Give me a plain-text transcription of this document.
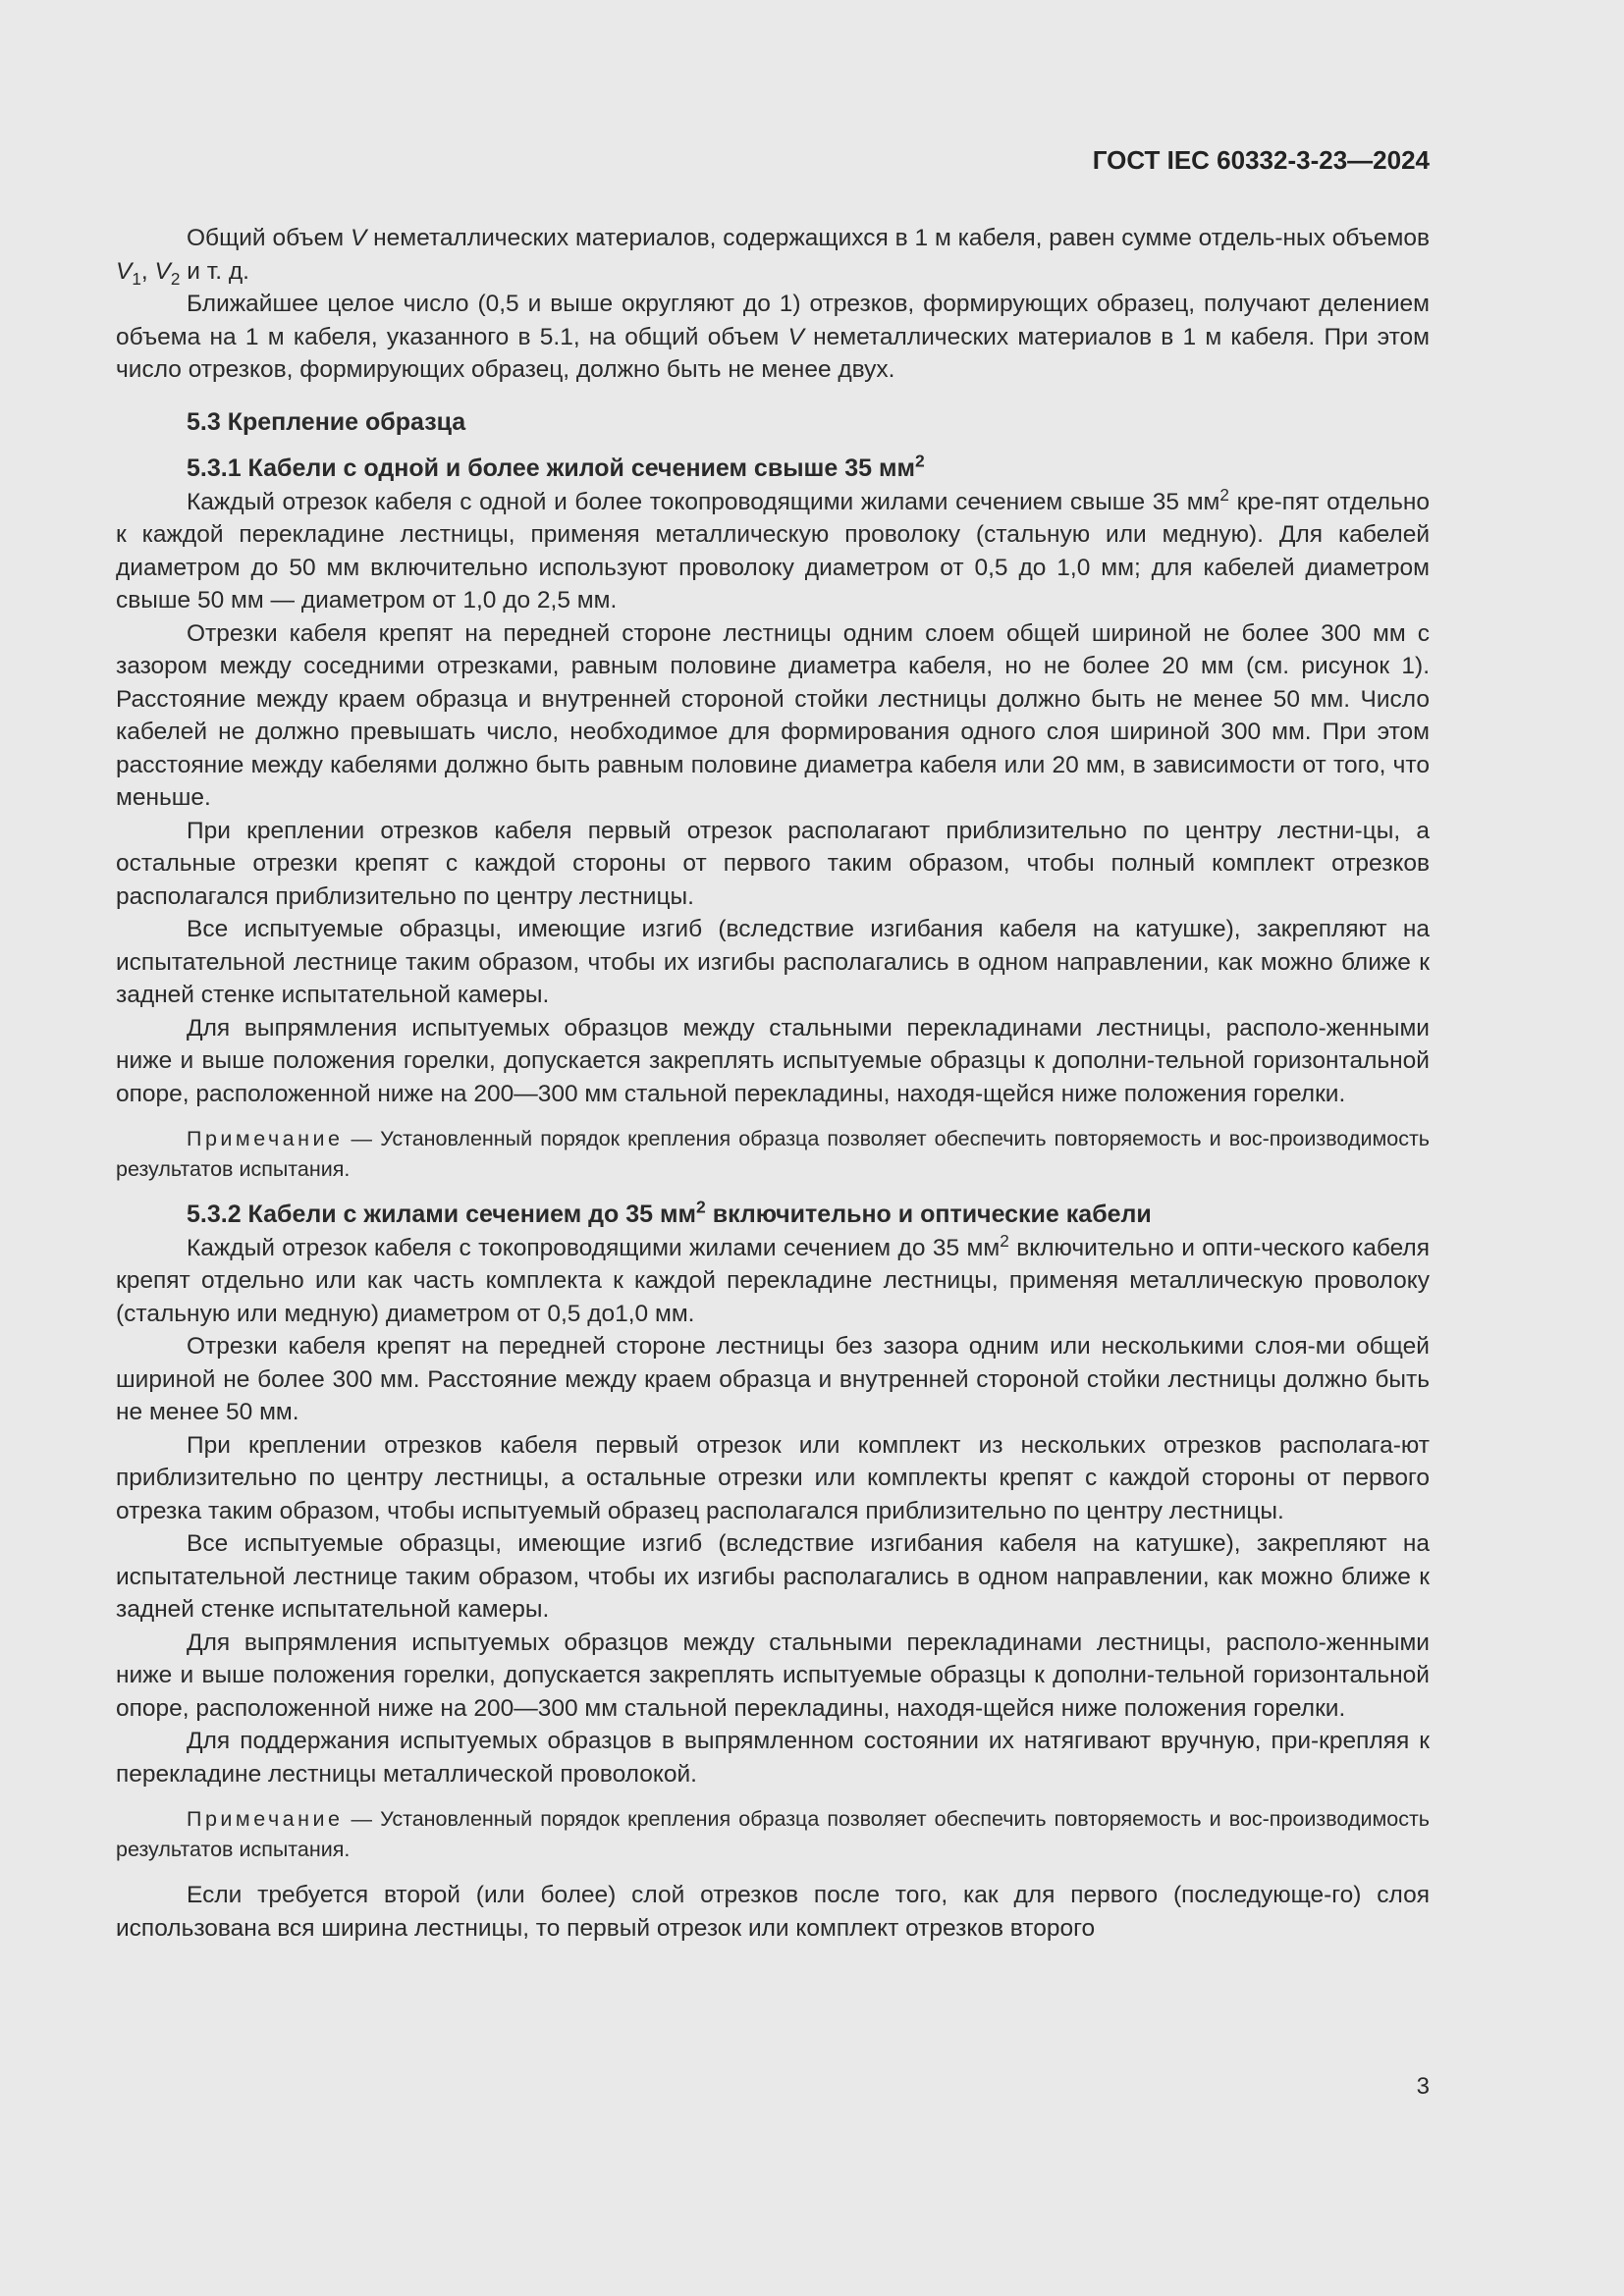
ГОСТ IEC 60332-3-23—2024

Общий объем V неметаллических материалов, содержащихся в 1 м кабеля, равен сумме отдель-ных объемов $V_1$, $V_2$ и т. д.

Ближайшее целое число (0,5 и выше округляют до 1) отрезков, формирующих образец, получают делением объема на 1 м кабеля, указанного в 5.1, на общий объем V неметаллических материалов в 1 м кабеля. При этом число отрезков, формирующих образец, должно быть не менее двух.

5.3 Крепление образца

5.3.1 Кабели с одной и более жилой сечением свыше 35 $мм^2$

Каждый отрезок кабеля с одной и более токопроводящими жилами сечением свыше 35 $мм^2$ кре-пят отдельно к каждой перекладине лестницы, применяя металлическую проволоку (стальную или медную). Для кабелей диаметром до 50 мм включительно используют проволоку диаметром от 0,5 до 1,0 мм; для кабелей диаметром свыше 50 мм — диаметром от 1,0 до 2,5 мм.

Отрезки кабеля крепят на передней стороне лестницы одним слоем общей шириной не более 300 мм с зазором между соседними отрезками, равным половине диаметра кабеля, но не более 20 мм (см. рисунок 1). Расстояние между краем образца и внутренней стороной стойки лестницы должно быть не менее 50 мм. Число кабелей не должно превышать число, необходимое для формирования одного слоя шириной 300 мм. При этом расстояние между кабелями должно быть равным половине диаметра кабеля или 20 мм, в зависимости от того, что меньше.

При креплении отрезков кабеля первый отрезок располагают приблизительно по центру лестни-цы, а остальные отрезки крепят с каждой стороны от первого таким образом, чтобы полный комплект отрезков располагался приблизительно по центру лестницы.

Все испытуемые образцы, имеющие изгиб (вследствие изгибания кабеля на катушке), закрепляют на испытательной лестнице таким образом, чтобы их изгибы располагались в одном направлении, как можно ближе к задней стенке испытательной камеры.

Для выпрямления испытуемых образцов между стальными перекладинами лестницы, располо-женными ниже и выше положения горелки, допускается закреплять испытуемые образцы к дополни-тельной горизонтальной опоре, расположенной ниже на 200—300 мм стальной перекладины, находя-щейся ниже положения горелки.

Примечание — Установленный порядок крепления образца позволяет обеспечить повторяемость и вос-производимость результатов испытания.

5.3.2 Кабели с жилами сечением до 35 $мм^2$ включительно и оптические кабели

Каждый отрезок кабеля с токопроводящими жилами сечением до 35 $мм^2$ включительно и опти-ческого кабеля крепят отдельно или как часть комплекта к каждой перекладине лестницы, применяя металлическую проволоку (стальную или медную) диаметром от 0,5 до1,0 мм.

Отрезки кабеля крепят на передней стороне лестницы без зазора одним или несколькими слоя-ми общей шириной не более 300 мм. Расстояние между краем образца и внутренней стороной стойки лестницы должно быть не менее 50 мм.

При креплении отрезков кабеля первый отрезок или комплект из нескольких отрезков располага-ют приблизительно по центру лестницы, а остальные отрезки или комплекты крепят с каждой стороны от первого отрезка таким образом, чтобы испытуемый образец располагался приблизительно по центру лестницы.

Все испытуемые образцы, имеющие изгиб (вследствие изгибания кабеля на катушке), закрепляют на испытательной лестнице таким образом, чтобы их изгибы располагались в одном направлении, как можно ближе к задней стенке испытательной камеры.

Для выпрямления испытуемых образцов между стальными перекладинами лестницы, располо-женными ниже и выше положения горелки, допускается закреплять испытуемые образцы к дополни-тельной горизонтальной опоре, расположенной ниже на 200—300 мм стальной перекладины, находя-щейся ниже положения горелки.

Для поддержания испытуемых образцов в выпрямленном состоянии их натягивают вручную, при-крепляя к перекладине лестницы металлической проволокой.

Примечание — Установленный порядок крепления образца позволяет обеспечить повторяемость и вос-производимость результатов испытания.

Если требуется второй (или более) слой отрезков после того, как для первого (последующе-го) слоя использована вся ширина лестницы, то первый отрезок или комплект отрезков второго

3
